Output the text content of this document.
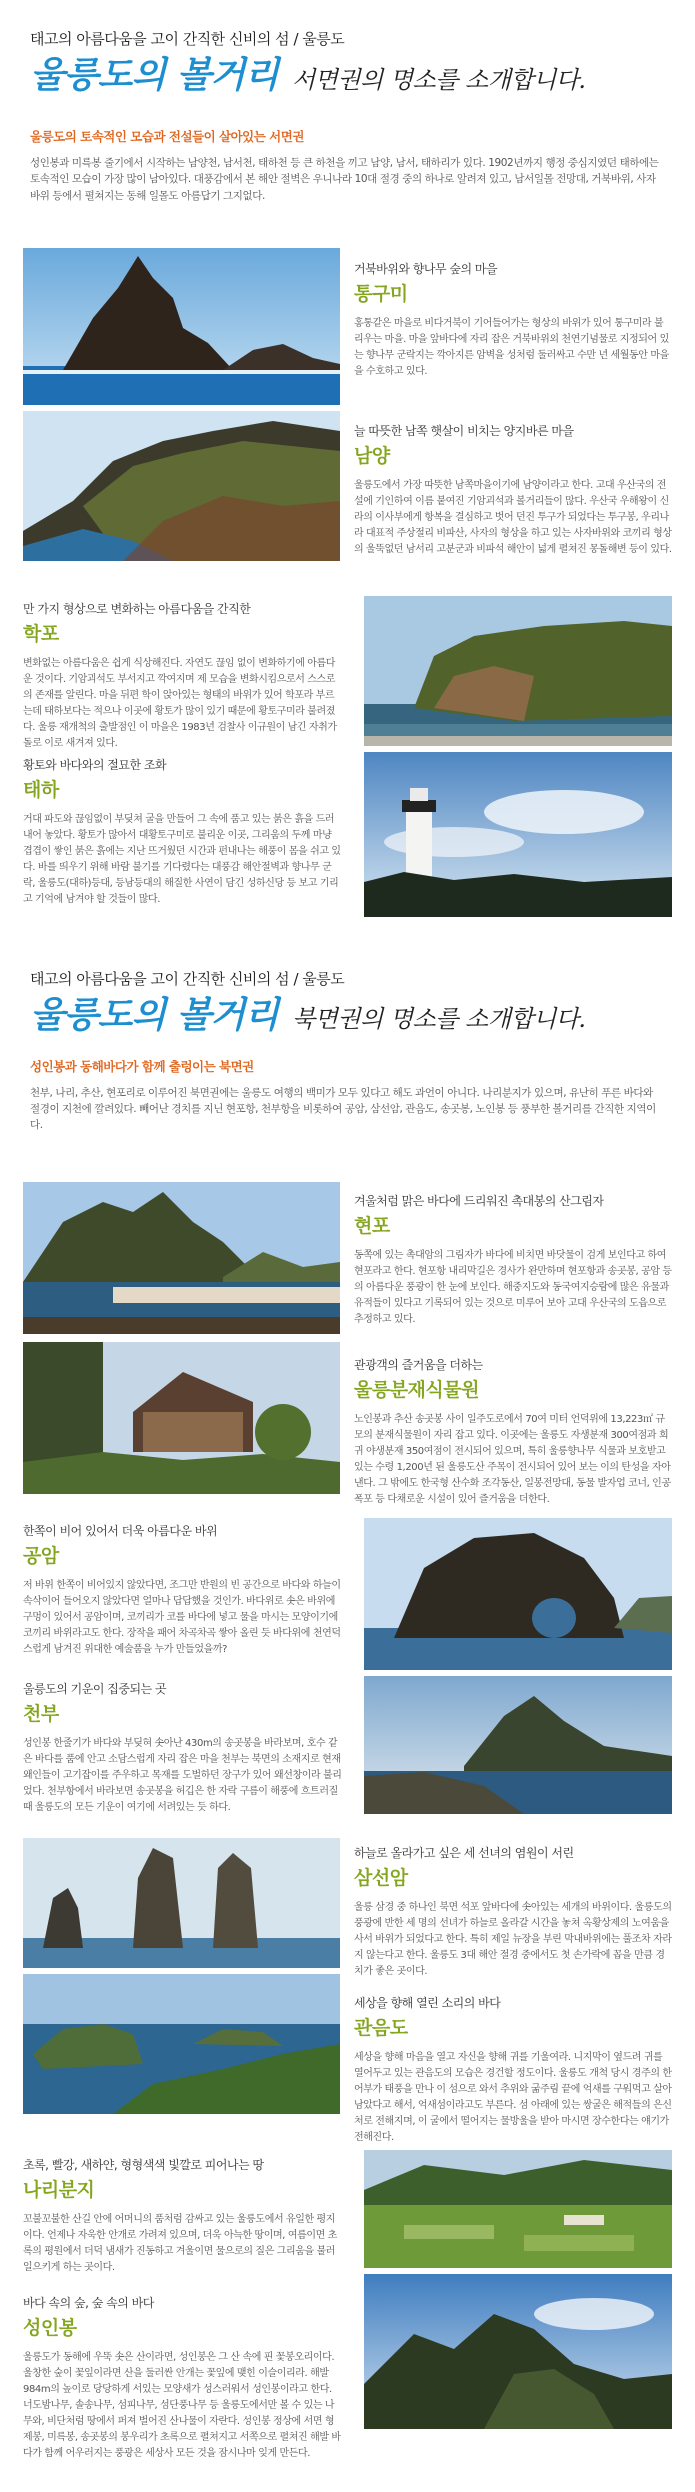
태고의 아름다움을 고이 간직한 신비의 섬 / 울릉도
울릉도의 볼거리 서면권의 명소를 소개합니다.
울릉도의 토속적인 모습과 전설들이 살아있는 서면권
성인봉과 미륵봉 줄기에서 시작하는 남양천, 남서천, 태하천 등 큰 하천을 끼고 남양, 남서, 태하리가 있다. 1902년까지 행정 중심지였던 태하에는 토속적인 모습이 가장 많이 남아있다. 대풍감에서 본 해안 절벽은 우니나라 10대 절경 중의 하나로 알려져 있고, 남서일몰 전망대, 거북바위, 사자바위 등에서 펼쳐지는 동해 일몰도 아름답기 그지없다.
거북바위와 향나무 숲의 마을
통구미
홍통같은 마을로 비다거북이 기어들어가는 형상의 바위가 있어 통구미라 불리우는 마을. 마을 앞바다에 자리 잡은 거북바위외 천연기념물로 지정되어 있는 향나무 군락지는 깍아지른 암벽을 성처럼 둘러싸고 수만 년 세월동안 마을을 수호하고 있다.
늘 따뜻한 남쪽 햇살이 비치는 양지바른 마을
남양
울릉도에서 가장 따뜻한 남쪽마을이기에 남양이라고 한다. 고대 우산국의 전설에 기인하여 이름 붙여진 기암괴석과 볼거리들이 많다. 우산국 우해왕이 신라의 이사부에게 항복을 결심하고 벗어 던진 투구가 되었다는 투구봉, 우리나라 대표적 주상절리 비파산, 사자의 형상을 하고 있는 사자바위와 코끼리 형상의 울뚝없던 남서리 고분군과 비파석 해안이 넓게 펼쳐진 몽돌해변 등이 있다.
만 가지 형상으로 변화하는 아름다움을 간직한
학포
변화없는 아름다움은 쉽게 식상해진다. 자연도 끊임 없이 변화하기에 아름다운 것이다. 기암괴석도 부서지고 깍여지며 제 모습을 변화시킴으로서 스스로의 존재를 알린다. 마을 뒤편 학이 앉아있는 형태의 바위가 있어 학포라 부르는데 태하보다는 적으나 이곳에 황토가 많이 있기 때문에 황토구미라 불려졌다. 울릉 재개척의 출발점인 이 마을은 1983년 검찰사 이규원이 남긴 자취가 돌로 이로 새겨져 있다.
황토와 바다와의 절묘한 조화
태하
거대 파도와 끊임없이 부딪쳐 굴을 만들어 그 속에 품고 있는 붉은 흙을 드러내어 놓았다. 황토가 많아서 대황토구미로 불리운 이곳, 그리움의 두께 마냥 겹겹이 쌓인 붉은 흙에는 지난 뜨거웠던 시간과 펀내나는 해풍이 몸을 쉬고 있다. 바를 띄우기 위해 바람 불기를 기다렸다는 대풍감 해안절벽과 향나무 군락, 울릉도(대하)등대, 등남등대의 해질한 사연이 담긴 성하신당 등 보고 기리고 기억에 남겨야 할 것들이 많다.
태고의 아름다움을 고이 간직한 신비의 섬 / 울릉도
울릉도의 볼거리 북면권의 명소를 소개합니다.
성인봉과 동해바다가 함께 출렁이는 북면권
천부, 나리, 추산, 현포리로 이루어진 북면권에는 울릉도 여행의 백미가 모두 있다고 해도 과언이 아니다. 나리분지가 있으며, 유난히 푸른 바다와 절경이 지천에 깔려있다. 빼어난 경치를 지닌 현포항, 천부항을 비롯하여 공암, 삼선암, 관음도, 송곳봉, 노인봉 등 풍부한 볼거리를 간직한 지역이다.
겨울처럼 맑은 바다에 드리워진 촉대봉의 산그림자
현포
동쪽에 있는 촉대암의 그림자가 바다에 비치면 바닷물이 검게 보인다고 하여 현포라고 한다. 현포항 내리막길은 경사가 완만하며 현포항과 송곳봉, 공암 등의 아름다운 풍광이 한 눈에 보인다. 해중지도와 동국여지승람에 많은 유물과 유적들이 있다고 기록되어 있는 것으로 미루어 보아 고대 우산국의 도읍으로 추정하고 있다.
관광객의 즐거움을 더하는
울릉분재식물원
노인봉과 추산 송곳봉 사이 일주도로에서 70여 미터 언덕위에 13,223㎡ 규모의 분재식물원이 자리 잡고 있다. 이곳에는 울릉도 자생분재 300여점과 희귀 야생분재 350여점이 전시되어 있으며, 특히 울릉향나무 식물과 보호받고 있는 수령 1,200년 된 울릉도산 주목이 전시되어 있어 보는 이의 탄성을 자아낸다. 그 밖에도 한국형 산수화 조각동산, 일봉전망대, 동물 발자업 코너, 인공폭포 등 다채로운 시설이 있어 즐거움을 더한다.
한쪽이 비어 있어서 더욱 아름다운 바위
공암
저 바위 한쪽이 비어있지 않았다면, 조그만 반원의 빈 공간으로 바다와 하늘이 속삭이어 들어오지 않았다면 얼마나 답답했을 것인가. 바다위로 솟은 바위에 구멍이 있어서 공암이며, 코끼리가 코를 바다에 넣고 물을 마시는 모양이기에 코끼리 바위라고도 한다. 장작을 패어 차곡차곡 쌓아 올린 듯 바다위에 천연덕스럽게 남겨진 위대한 예술품을 누가 만들었을까?
울릉도의 기운이 집중되는 곳
천부
성인봉 한줄기가 바다와 부딪혀 솟아난 430m의 송곳봉을 바라보며, 호수 같은 바다를 품에 안고 소담스럽게 자리 잡은 마을 천부는 북면의 소재지로 현재 왜인들이 고기잡이를 주우하고 목재를 도벌하던 장구가 있어 왜선창이라 불리었다. 천부항에서 바라보면 송곳봉을 허깁은 한 자락 구름이 해풍에 흐트러질때 울릉도의 모든 기운이 여기에 서려있는 듯 하다.
하늘로 올라가고 싶은 세 선녀의 염원이 서린
삼선암
울릉 삼경 중 하나인 북면 석포 앞바다에 솟아있는 세개의 바위이다. 울릉도의 풍광에 반한 세 명의 선녀가 하늘로 올라갈 시간을 놓쳐 옥황상제의 노여움을 사서 바위가 되었다고 한다. 특히 제일 뉴장을 부린 막내바위에는 풀조차 자라지 않는다고 한다. 울릉도 3대 해안 절경 중에서도 첫 손가락에 꼽을 만큼 경치가 좋은 곳이다.
세상을 향해 열린 소리의 바다
관음도
세상을 향해 마음을 열고 자신을 향해 귀를 기울여라. 니지막이 옆드려 귀를 열어두고 있는 관음도의 모습은 경건할 정도이다. 울릉도 개척 당시 경주의 한 어부가 태풍을 만나 이 섬으로 와서 추위와 굶주림 끝에 억새를 구워먹고 살아남았다고 해서, 억새섬이라고도 부른다. 섬 아래에 있는 쌍굴은 해적들의 은신처로 전해지며, 이 굴에서 떨어지는 물방울을 받아 마시면 장수한다는 얘기가 전해진다.
초록, 빨강, 새하얀, 형형색색 빛깔로 피어나는 땅
나리분지
꼬불꼬불한 산길 안에 어머니의 품처럼 감싸고 있는 울릉도에서 유일한 평지이다. 언제나 자욱한 안개로 가려져 있으며, 더욱 아늑한 땅이며, 여름이면 초록의 평원에서 더덕 냄새가 진동하고 겨울이면 물으로의 질은 그리움을 불러일으키게 하는 곳이다.
바다 속의 숲, 숲 속의 바다
성인봉
울릉도가 동해에 우뚝 솟은 산이라면, 성인봉은 그 산 속에 핀 꽃봉오리이다. 울창한 숲이 꽃잎이라면 산을 둘러싼 안개는 꽃잎에 맺힌 이슬이리라. 해발 984m의 높이로 당당하게 서있는 모양새가 성스러워서 성인봉이라고 한다. 너도밤나무, 솔송나무, 섬피나무, 섬단풍나무 등 울릉도에서만 볼 수 있는 나무와, 비단처럼 땅에서 퍼져 벌어진 산나물이 자란다. 성인봉 정상에 서면 형제봉, 미륵봉, 송곳봉의 봉우리가 초록으로 펼쳐지고 서쪽으로 펼쳐진 해발 바다가 함께 어우러지는 풍광은 세상사 모든 것을 잠시나마 잊게 만든다.
